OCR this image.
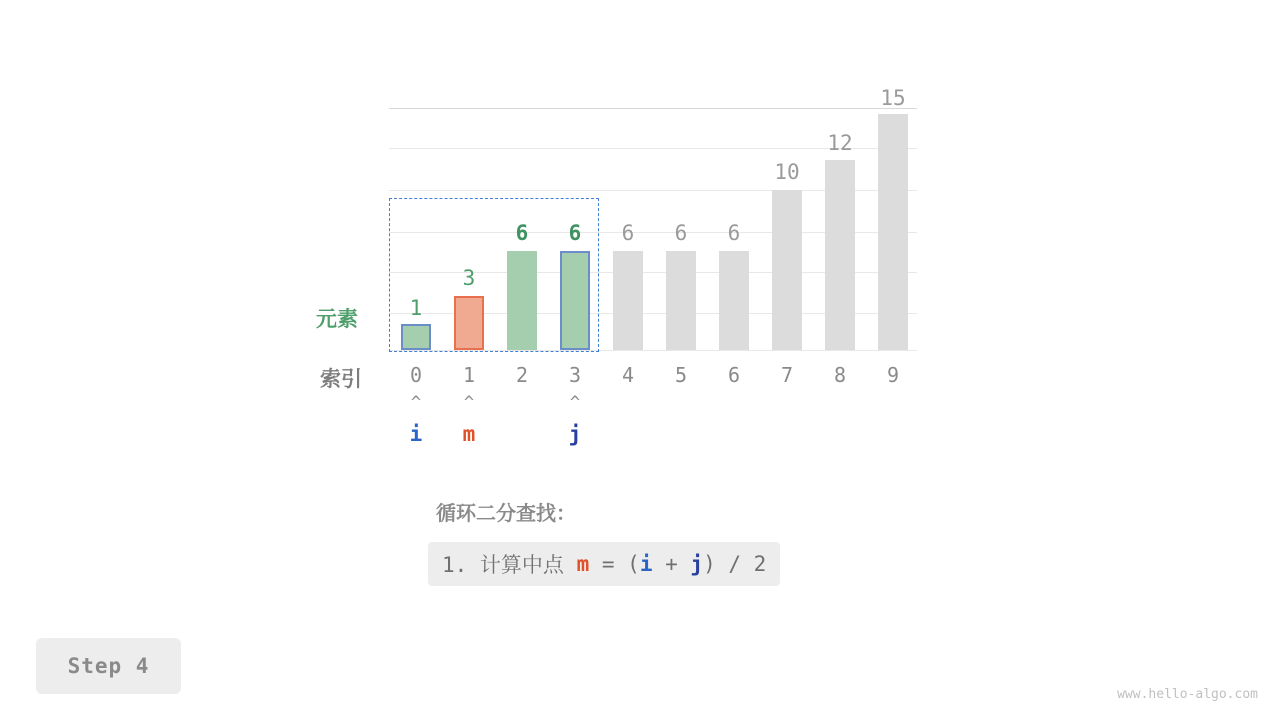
1
3
6	6	6	6	6
10
12
15
元素
索引	0	1	2	3	4	5	6	7	8	9
^	^	^
i	m	j
循环二分查找：
1. 计算中点 m = ( i + j ) / 2
Step 4
www.hello-algo.com
